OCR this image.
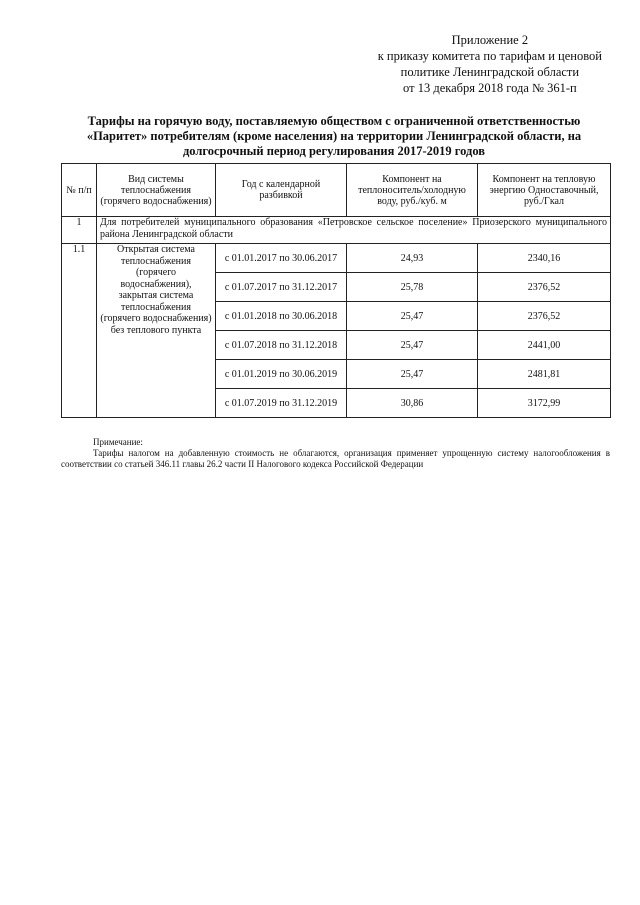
Приложение 2
к приказу комитета по тарифам и ценовой
политике Ленинградской области
от 13 декабря 2018 года № 361-п
Тарифы на горячую воду, поставляемую обществом с ограниченной ответственностью
«Паритет» потребителям (кроме населения) на территории Ленинградской области, на
долгосрочный период регулирования 2017-2019 годов
№ п/п	Вид системы теплоснабжения (горячего водоснабжения)	Год с календарной разбивкой	Компонент на теплоноситель/холодную воду, руб./куб. м	Компонент на тепловую энергию Одноставочный, руб./Гкал
1	Для потребителей муниципального образования «Петровское сельское поселение» Приозерского муниципального района Ленинградской области			
1.1	Открытая система теплоснабжения (горячего водоснабжения), закрытая система теплоснабжения (горячего водоснабжения) без теплового пункта	с 01.01.2017 по 30.06.2017	24,93	2340,16
		с 01.07.2017 по 31.12.2017	25,78	2376,52
		с 01.01.2018 по 30.06.2018	25,47	2376,52
		с 01.07.2018 по 31.12.2018	25,47	2441,00
		с 01.01.2019 по 30.06.2019	25,47	2481,81
		с 01.07.2019 по 31.12.2019	30,86	3172,99
Примечание:
Тарифы налогом на добавленную стоимость не облагаются, организация применяет упрощенную систему налогообложения в соответствии со статьей 346.11 главы 26.2 части II Налогового кодекса Российской Федерации
